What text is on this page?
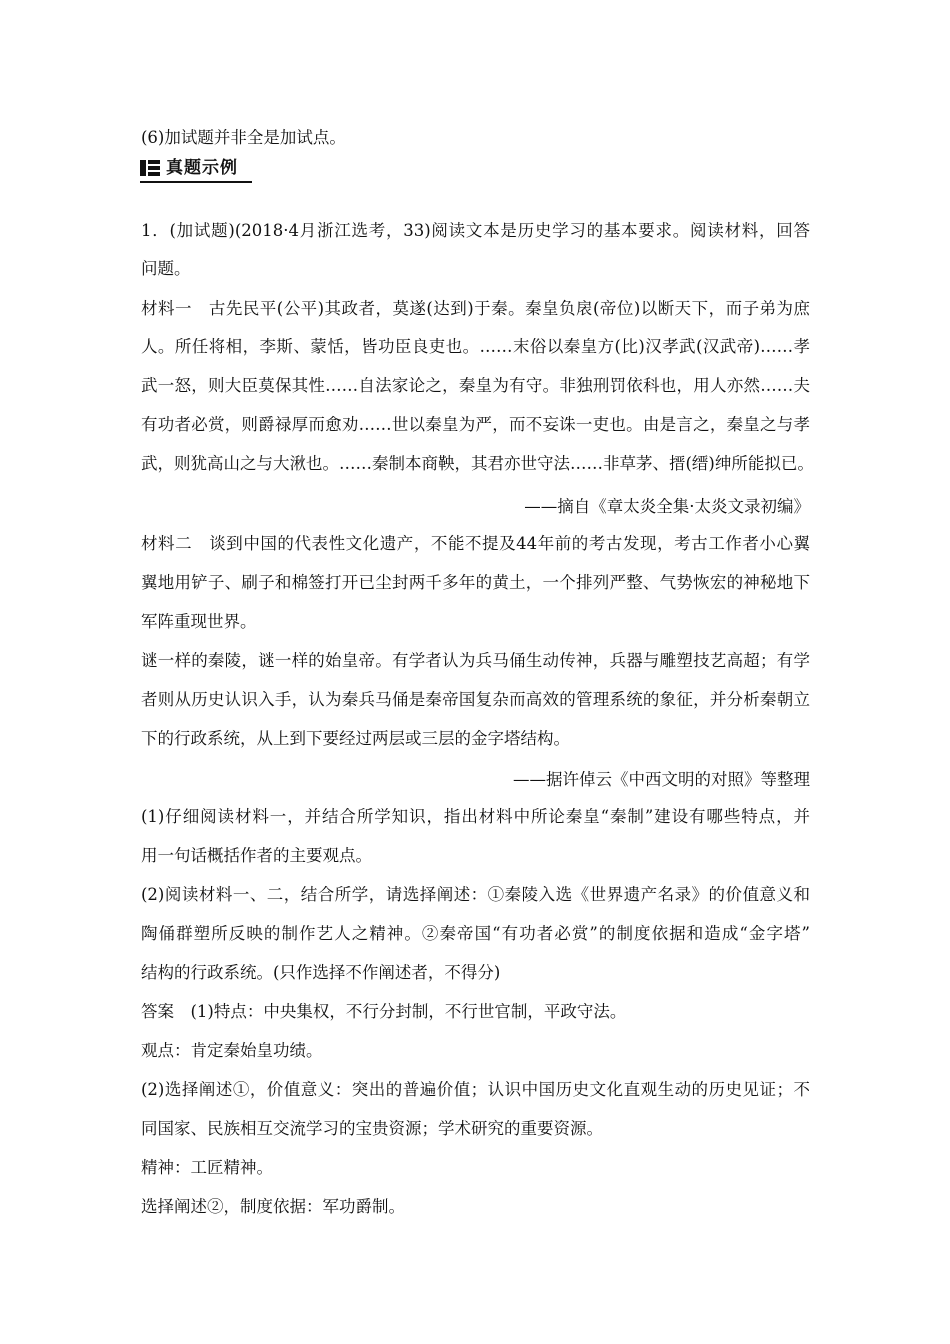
(6)加试题并非全是加试点。
真题示例
1．(加试题)(2018·4月浙江选考，33)阅读文本是历史学习的基本要求。阅读材料，回答
问题。
材料一　古先民平(公平)其政者，莫遂(达到)于秦。秦皇负扆(帝位)以断天下，而子弟为庶
人。所任将相，李斯、蒙恬，皆功臣良吏也。……末俗以秦皇方(比)汉孝武(汉武帝)……孝
武一怒，则大臣莫保其性……自法家论之，秦皇为有守。非独刑罚依科也，用人亦然……夫
有功者必赏，则爵禄厚而愈劝……世以秦皇为严，而不妄诛一吏也。由是言之，秦皇之与孝
武，则犹高山之与大湫也。……秦制本商鞅，其君亦世守法……非草茅、搢(缙)绅所能拟已。
——摘自《章太炎全集·太炎文录初编》
材料二　谈到中国的代表性文化遗产，不能不提及44年前的考古发现，考古工作者小心翼
翼地用铲子、刷子和棉签打开已尘封两千多年的黄土，一个排列严整、气势恢宏的神秘地下
军阵重现世界。
谜一样的秦陵，谜一样的始皇帝。有学者认为兵马俑生动传神，兵器与雕塑技艺高超；有学
者则从历史认识入手，认为秦兵马俑是秦帝国复杂而高效的管理系统的象征，并分析秦朝立
下的行政系统，从上到下要经过两层或三层的金字塔结构。
——据许倬云《中西文明的对照》等整理
(1)仔细阅读材料一，并结合所学知识，指出材料中所论秦皇“秦制”建设有哪些特点，并
用一句话概括作者的主要观点。
(2)阅读材料一、二，结合所学，请选择阐述：①秦陵入选《世界遗产名录》的价值意义和
陶俑群塑所反映的制作艺人之精神。②秦帝国“有功者必赏”的制度依据和造成“金字塔”
结构的行政系统。(只作选择不作阐述者，不得分)
答案　(1)特点：中央集权，不行分封制，不行世官制，平政守法。
观点：肯定秦始皇功绩。
(2)选择阐述①，价值意义：突出的普遍价值；认识中国历史文化直观生动的历史见证；不
同国家、民族相互交流学习的宝贵资源；学术研究的重要资源。
精神：工匠精神。
选择阐述②，制度依据：军功爵制。
